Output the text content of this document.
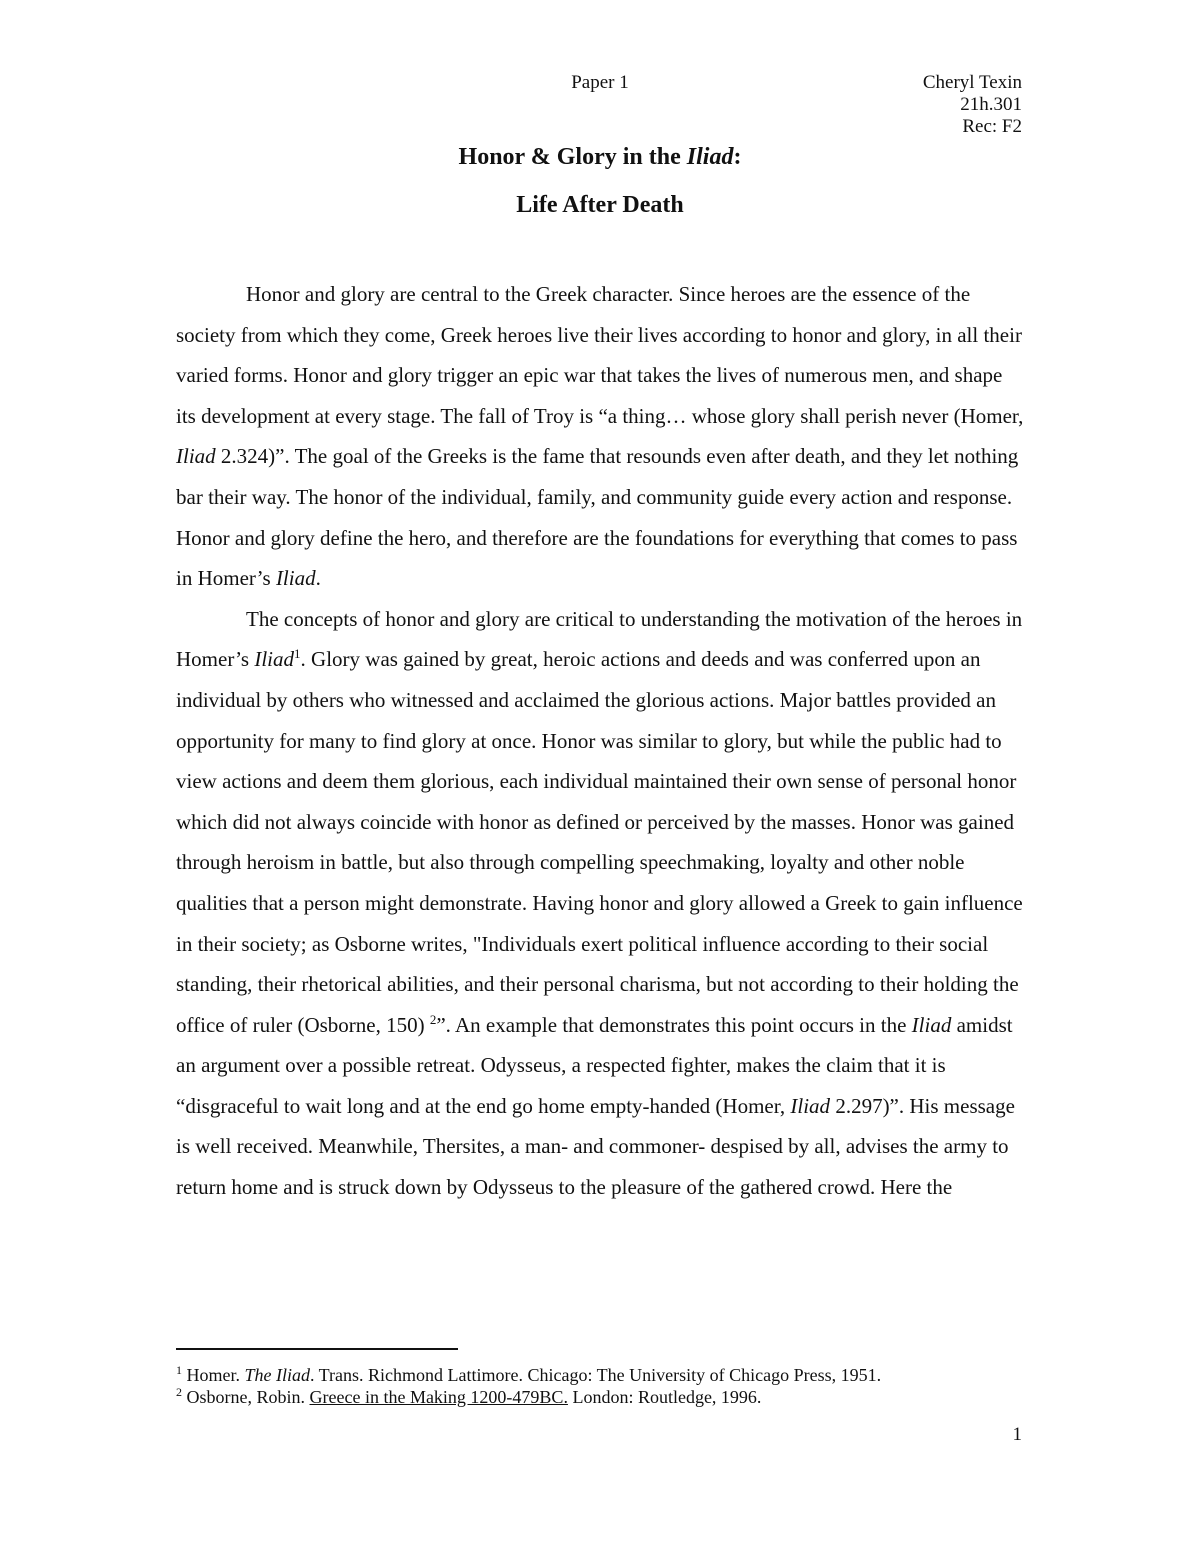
Paper 1	Cheryl Texin
21h.301
Rec: F2
Honor & Glory in the Iliad:
Life After Death

Honor and glory are central to the Greek character. Since heroes are the essence of the society from which they come, Greek heroes live their lives according to honor and glory, in all their varied forms. Honor and glory trigger an epic war that takes the lives of numerous men, and shape its development at every stage. The fall of Troy is “a thing… whose glory shall perish never (Homer, Iliad 2.324)”. The goal of the Greeks is the fame that resounds even after death, and they let nothing bar their way. The honor of the individual, family, and community guide every action and response. Honor and glory define the hero, and therefore are the foundations for everything that comes to pass in Homer’s Iliad.

The concepts of honor and glory are critical to understanding the motivation of the heroes in Homer’s Iliad$^1$. Glory was gained by great, heroic actions and deeds and was conferred upon an individual by others who witnessed and acclaimed the glorious actions. Major battles provided an opportunity for many to find glory at once. Honor was similar to glory, but while the public had to view actions and deem them glorious, each individual maintained their own sense of personal honor which did not always coincide with honor as defined or perceived by the masses. Honor was gained through heroism in battle, but also through compelling speechmaking, loyalty and other noble qualities that a person might demonstrate. Having honor and glory allowed a Greek to gain influence in their society; as Osborne writes, "Individuals exert political influence according to their social standing, their rhetorical abilities, and their personal charisma, but not according to their holding the office of ruler (Osborne, 150) $^2$”. An example that demonstrates this point occurs in the Iliad amidst an argument over a possible retreat. Odysseus, a respected fighter, makes the claim that it is “disgraceful to wait long and at the end go home empty-handed (Homer, Iliad 2.297)”. His message is well received. Meanwhile, Thersites, a man- and commoner- despised by all, advises the army to return home and is struck down by Odysseus to the pleasure of the gathered crowd. Here the

$^1$ Homer. The Iliad. Trans. Richmond Lattimore. Chicago: The University of Chicago Press, 1951.
$^2$ Osborne, Robin. Greece in the Making 1200-479BC. London: Routledge, 1996.
1
